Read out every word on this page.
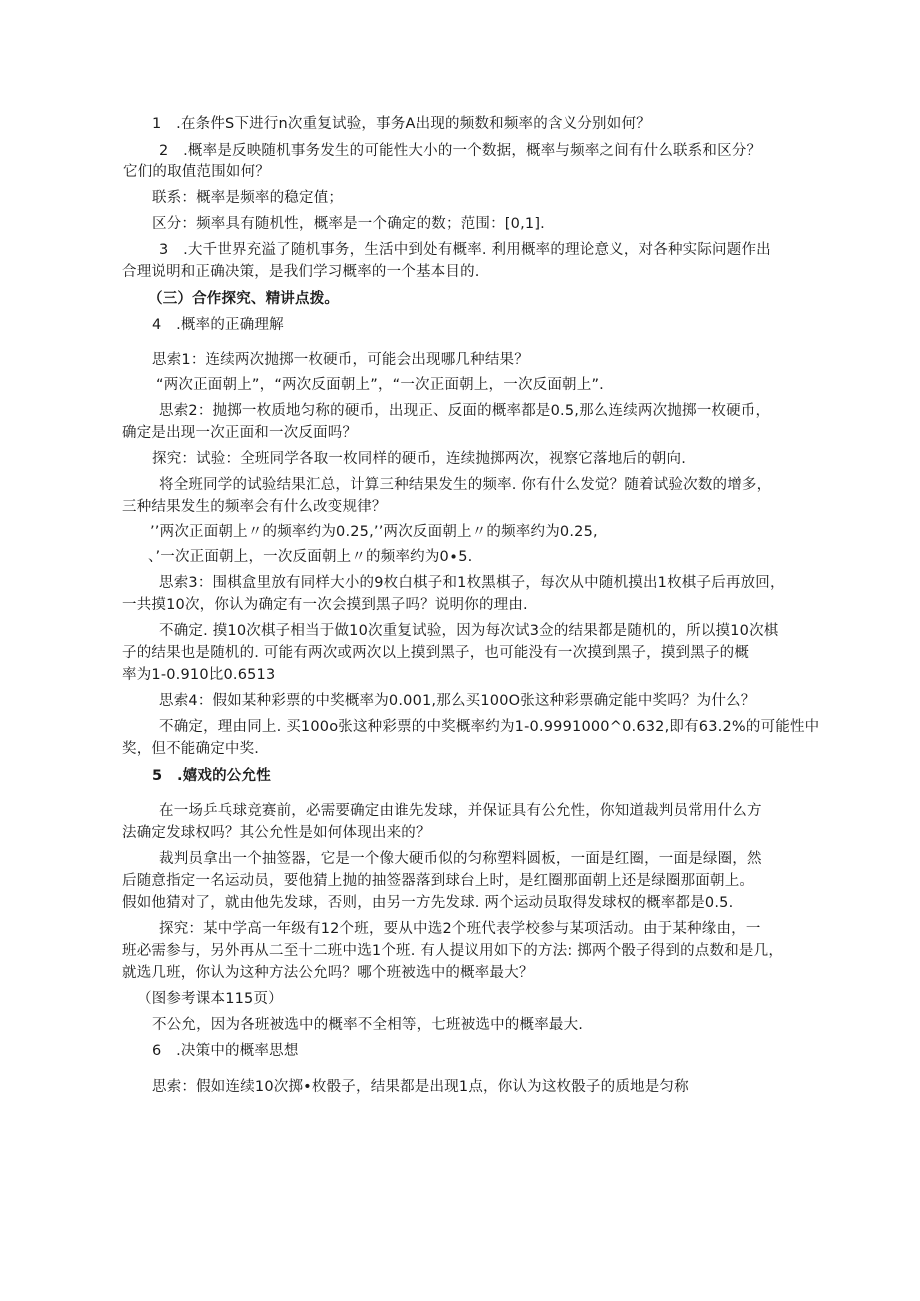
1　.在条件S下进行n次重复试验，事务A出现的频数和频率的含义分别如何？
2　.概率是反映随机事务发生的可能性大小的一个数据，概率与频率之间有什么联系和区分？
它们的取值范围如何？
联系：概率是频率的稳定值；
区分：频率具有随机性，概率是一个确定的数；范围：[0,1].
3　.大千世界充溢了随机事务，生活中到处有概率. 利用概率的理论意义，对各种实际问题作出
合理说明和正确决策，是我们学习概率的一个基本目的.
（三）合作探究、精讲点拨。
4　.概率的正确理解
思索1：连续两次抛掷一枚硬币，可能会出现哪几种结果？
“两次正面朝上”，“两次反面朝上”，“一次正面朝上，一次反面朝上”.
思索2：抛掷一枚质地匀称的硬币，出现正、反面的概率都是0.5,那么连续两次抛掷一枚硬币，
确定是出现一次正面和一次反面吗？
探究：试验：全班同学各取一枚同样的硬币，连续抛掷两次，视察它落地后的朝向.
将全班同学的试验结果汇总，计算三种结果发生的频率. 你有什么发觉？随着试验次数的增多，
三种结果发生的频率会有什么改变规律？
’’两次正面朝上〃的频率约为0.25,’’两次反面朝上〃的频率约为0.25,
、’一次正面朝上，一次反面朝上〃的频率约为0∙5.
思索3：围棋盒里放有同样大小的9枚白棋子和1枚黑棋子，每次从中随机摸出1枚棋子后再放回，
一共摸10次，你认为确定有一次会摸到黑子吗？说明你的理由.
不确定. 摸10次棋子相当于做10次重复试验，因为每次试3佥的结果都是随机的，所以摸10次棋
子的结果也是随机的. 可能有两次或两次以上摸到黑子，也可能没有一次摸到黑子，摸到黑子的概
率为1-0.910比0.6513
思索4：假如某种彩票的中奖概率为0.001,那么买100O张这种彩票确定能中奖吗？为什么？
不确定，理由同上. 买100o张这种彩票的中奖概率约为1-0.9991000^0.632,即有63.2%的可能性中
奖，但不能确定中奖.
5　.嬉戏的公允性
在一场乒乓球竞赛前，必需要确定由谁先发球，并保证具有公允性，你知道裁判员常用什么方
法确定发球权吗？其公允性是如何体现出来的？
裁判员拿出一个抽签器，它是一个像大硬币似的匀称塑料圆板，一面是红圈，一面是绿圈，然
后随意指定一名运动员，要他猜上抛的抽签器落到球台上时，是红圈那面朝上还是绿圈那面朝上。
假如他猜对了，就由他先发球，否则，由另一方先发球. 两个运动员取得发球权的概率都是0.5.
探究：某中学高一年级有12个班，要从中选2个班代表学校参与某项活动。由于某种缘由，一
班必需参与，另外再从二至十二班中选1个班. 有人提议用如下的方法: 掷两个骰子得到的点数和是几，
就选几班，你认为这种方法公允吗？哪个班被选中的概率最大？
（图参考课本115页）
不公允，因为各班被选中的概率不全相等，七班被选中的概率最大.
6　.决策中的概率思想
思索：假如连续10次掷•枚骰子，结果都是出现1点，你认为这枚骰子的质地是匀称
